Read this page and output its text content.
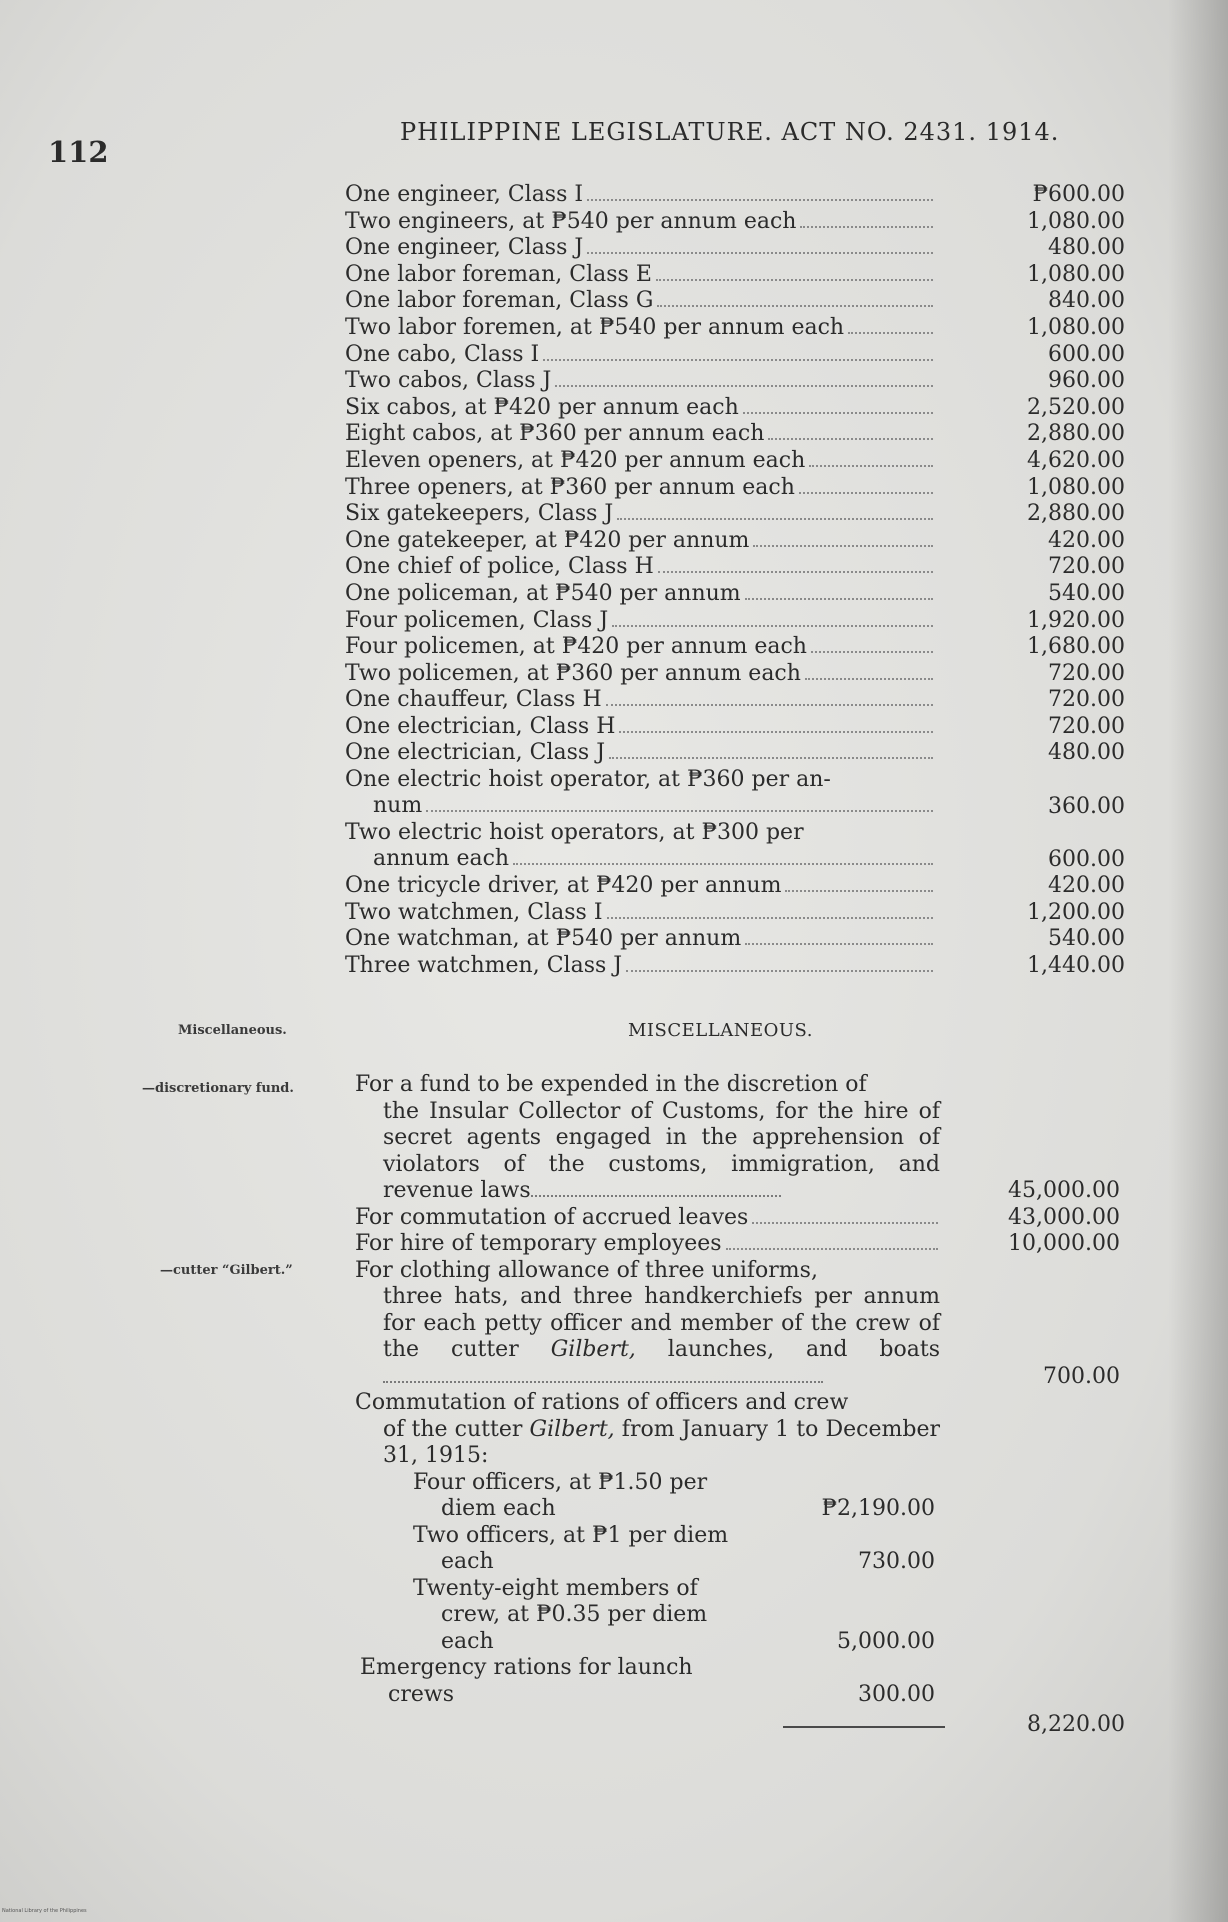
112
PHILIPPINE LEGISLATURE. ACT NO. 2431. 1914.
One engineer, Class I	₱600.00
Two engineers, at ₱540 per annum each	1,080.00
One engineer, Class J	480.00
One labor foreman, Class E	1,080.00
One labor foreman, Class G	840.00
Two labor foremen, at ₱540 per annum each	1,080.00
One cabo, Class I	600.00
Two cabos, Class J	960.00
Six cabos, at ₱420 per annum each	2,520.00
Eight cabos, at ₱360 per annum each	2,880.00
Eleven openers, at ₱420 per annum each	4,620.00
Three openers, at ₱360 per annum each	1,080.00
Six gatekeepers, Class J	2,880.00
One gatekeeper, at ₱420 per annum	420.00
One chief of police, Class H	720.00
One policeman, at ₱540 per annum	540.00
Four policemen, Class J	1,920.00
Four policemen, at ₱420 per annum each	1,680.00
Two policemen, at ₱360 per annum each	720.00
One chauffeur, Class H	720.00
One electrician, Class H	720.00
One electrician, Class J	480.00
One electric hoist operator, at ₱360 per an-
num	360.00
Two electric hoist operators, at ₱300 per
annum each	600.00
One tricycle driver, at ₱420 per annum	420.00
Two watchmen, Class I	1,200.00
One watchman, at ₱540 per annum	540.00
Three watchmen, Class J	1,440.00
Miscellaneous.
—discretionary fund.
—cutter “Gilbert.”
MISCELLANEOUS.
For a fund to be expended in the discretion of
the Insular Collector of Customs, for the hire of secret agents engaged in the apprehension of violators of the customs, immigration, and revenue laws	45,000.00
For commutation of accrued leaves	43,000.00
For hire of temporary employees	10,000.00
For clothing allowance of three uniforms,
three hats, and three handkerchiefs per annum for each petty officer and member of the crew of the cutter Gilbert, launches, and boats
700.00
Commutation of rations of officers and crew
of the cutter Gilbert, from January 1 to December 31, 1915:
Four officers, at ₱1.50 per
diem each	₱2,190.00
Two officers, at ₱1 per diem
each	730.00
Twenty-eight members of
crew, at ₱0.35 per diem
each	5,000.00
Emergency rations for launch
crews	300.00
8,220.00
National Library of the Philippines
